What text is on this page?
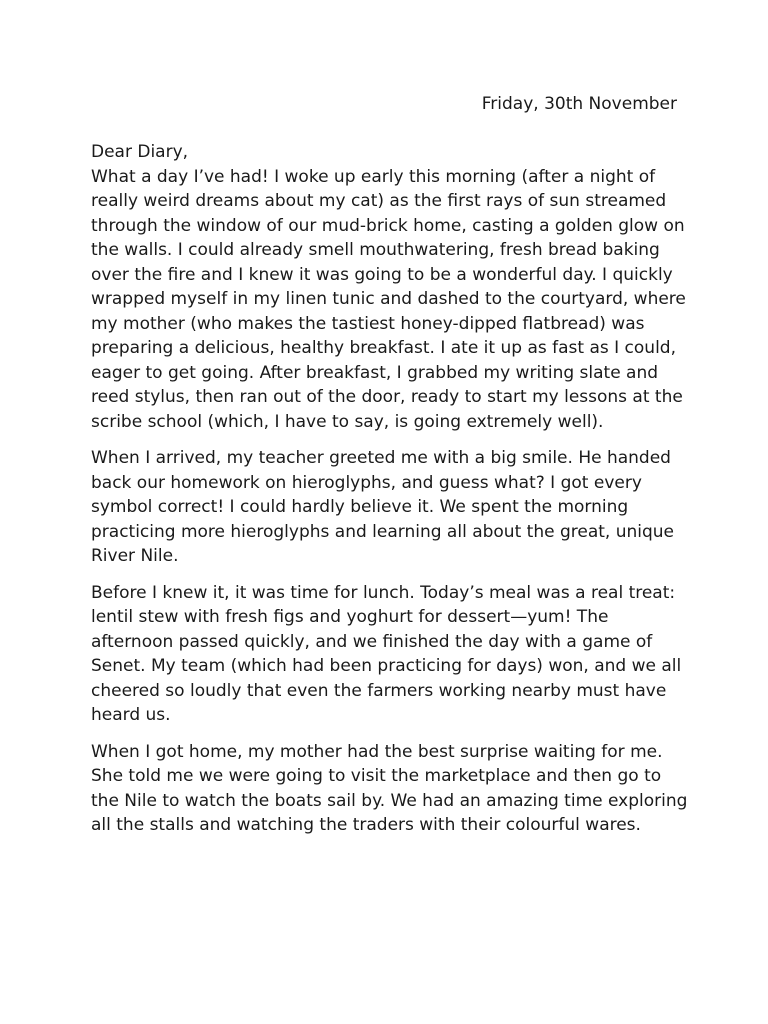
Friday, 30th November

Dear Diary,

What a day I’ve had! I woke up early this morning (after a night of really weird dreams about my cat) as the first rays of sun streamed through the window of our mud-brick home, casting a golden glow on the walls. I could already smell mouthwatering, fresh bread baking over the fire and I knew it was going to be a wonderful day. I quickly wrapped myself in my linen tunic and dashed to the courtyard, where my mother (who makes the tastiest honey-dipped flatbread) was preparing a delicious, healthy breakfast. I ate it up as fast as I could, eager to get going. After breakfast, I grabbed my writing slate and reed stylus, then ran out of the door, ready to start my lessons at the scribe school (which, I have to say, is going extremely well).

When I arrived, my teacher greeted me with a big smile. He handed back our homework on hieroglyphs, and guess what? I got every symbol correct! I could hardly believe it. We spent the morning practicing more hieroglyphs and learning all about the great, unique River Nile.

Before I knew it, it was time for lunch. Today’s meal was a real treat: lentil stew with fresh figs and yoghurt for dessert—yum! The afternoon passed quickly, and we finished the day with a game of Senet. My team (which had been practicing for days) won, and we all cheered so loudly that even the farmers working nearby must have heard us.

When I got home, my mother had the best surprise waiting for me. She told me we were going to visit the marketplace and then go to the Nile to watch the boats sail by. We had an amazing time exploring all the stalls and watching the traders with their colourful wares.
